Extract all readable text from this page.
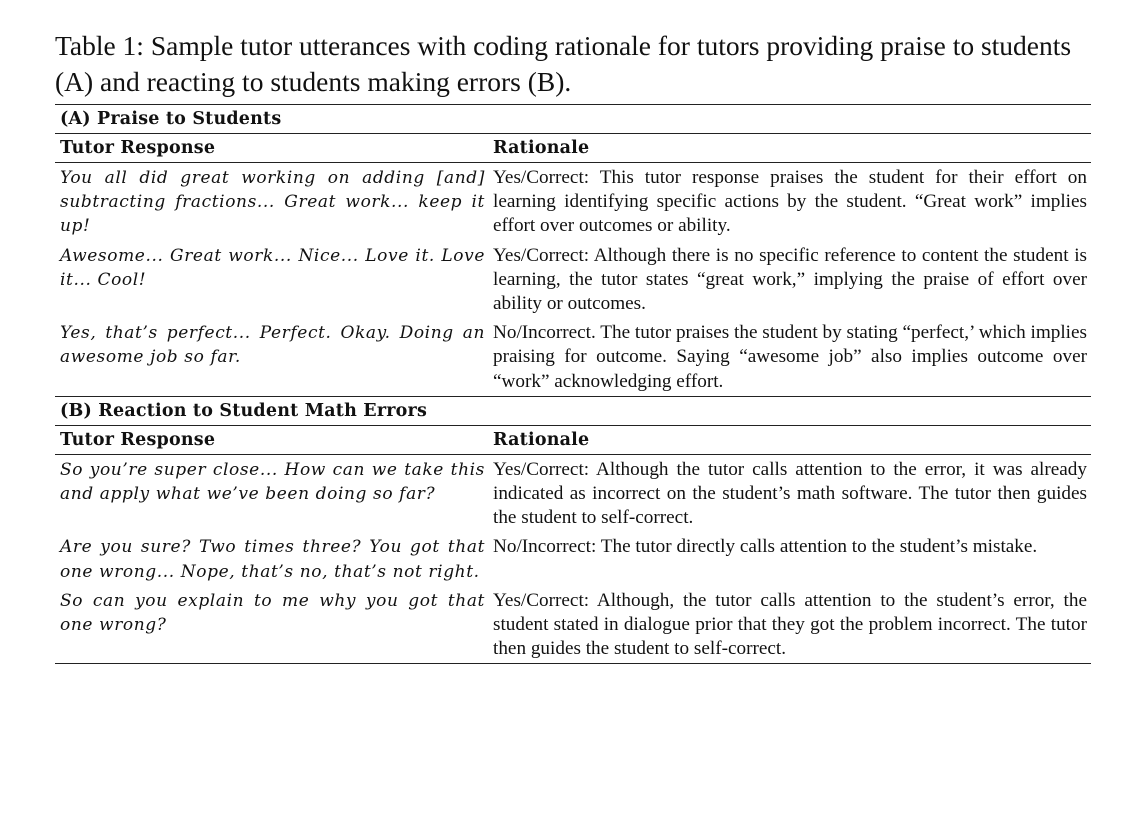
Table 1: Sample tutor utterances with coding rationale for tutors providing praise to students (A) and reacting to students making errors (B).

(A) Praise to Students
Tutor Response	Rationale
You all did great working on adding [and] subtracting fractions... Great work... keep it up!
Yes/Correct: This tutor response praises the student for their effort on learning identifying specific actions by the student. “Great work” implies effort over outcomes or ability.
Awesome... Great work... Nice... Love it. Love it... Cool!
Yes/Correct: Although there is no specific reference to content the student is learning, the tutor states “great work,” implying the praise of effort over ability or outcomes.
Yes, that’s perfect... Perfect. Okay. Doing an awesome job so far.
No/Incorrect. The tutor praises the student by stating “perfect,’ which implies praising for outcome. Saying “awesome job” also implies outcome over “work” acknowledging effort.
(B) Reaction to Student Math Errors
Tutor Response	Rationale
So you’re super close... How can we take this and apply what we’ve been doing so far?
Yes/Correct: Although the tutor calls attention to the error, it was already indicated as incorrect on the student’s math software. The tutor then guides the student to self-correct.
Are you sure? Two times three? You got that one wrong... Nope, that’s no, that’s not right.
No/Incorrect: The tutor directly calls attention to the student’s mistake.
So can you explain to me why you got that one wrong?
Yes/Correct: Although, the tutor calls attention to the student’s error, the student stated in dialogue prior that they got the problem incorrect. The tutor then guides the student to self-correct.
